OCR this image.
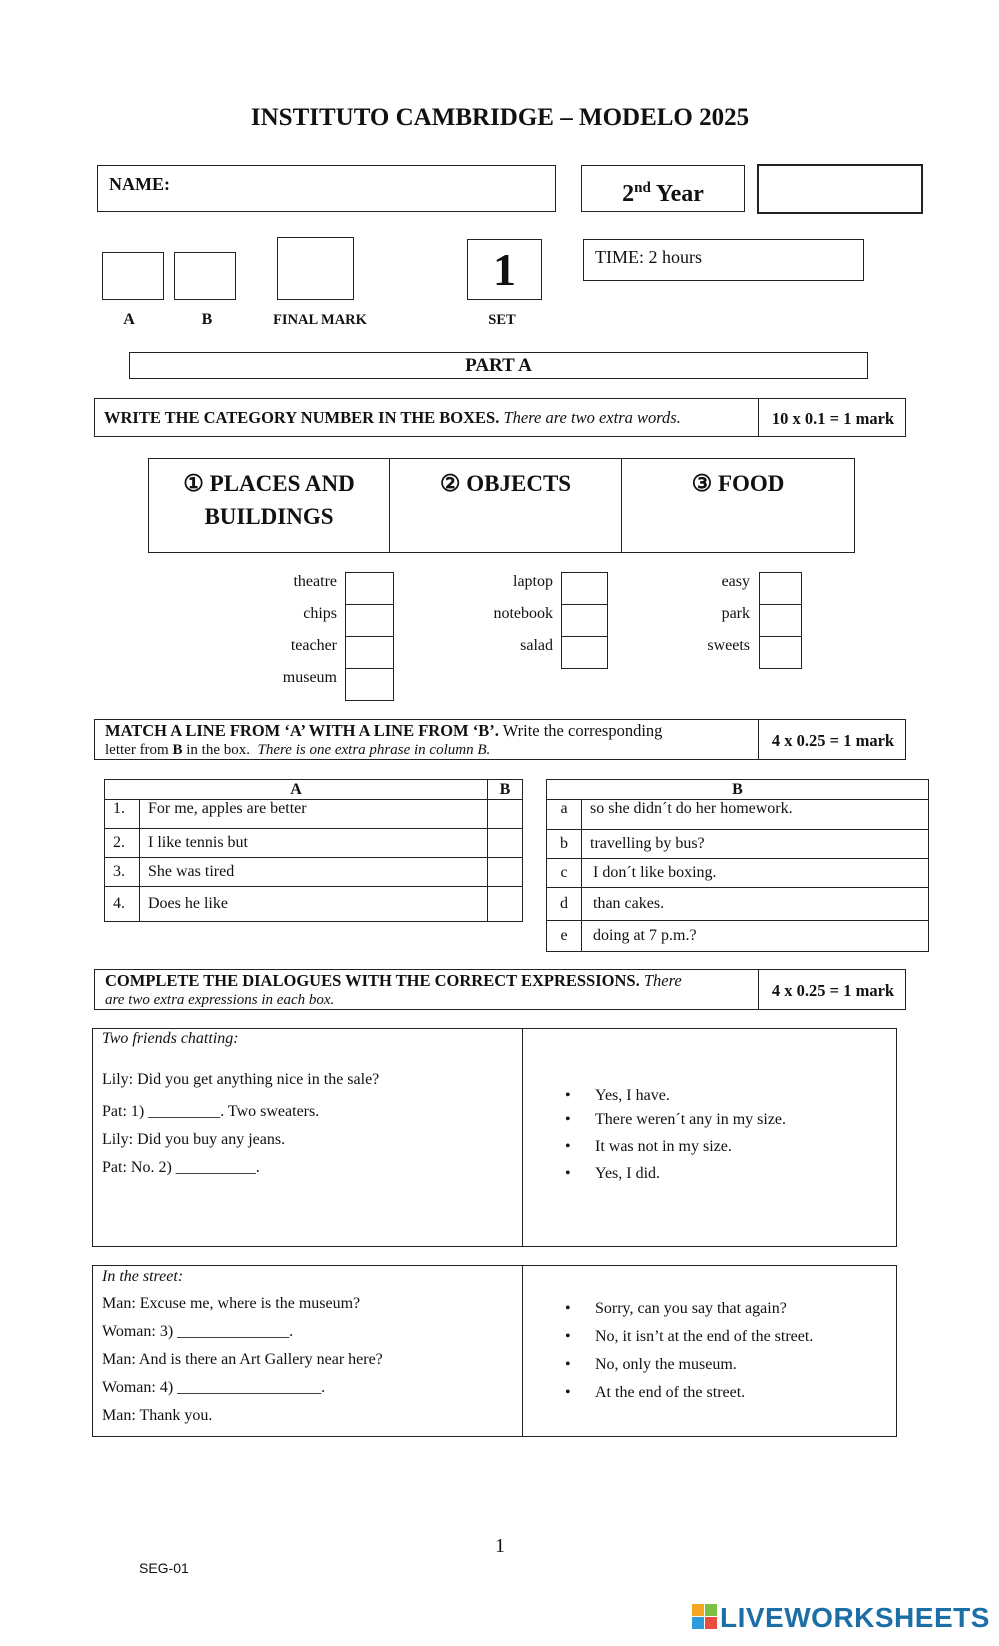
INSTITUTO CAMBRIDGE – MODELO 2025
NAME:	2nd Year
1	TIME: 2 hours
A	B	FINAL MARK	SET
PART A
WRITE THE CATEGORY NUMBER IN THE BOXES. There are two extra words.	10 x 0.1 = 1 mark
① PLACES AND BUILDINGS
② OBJECTS	③ FOOD
theatre
chips
teacher
museum
laptop
notebook
salad
easy
park
sweets
MATCH A LINE FROM ‘A’ WITH A LINE FROM ‘B’. Write the corresponding
letter from B in the box. There is one extra phrase in column B.	4 x 0.25 = 1 mark
A		B
1.	For me, apples are better	
2.	I like tennis but	
3.	She was tired	
4.	Does he like	
B	
a	so she didn´t do her homework.
b	travelling by bus?
c	I don´t like boxing.
d	than cakes.
e	doing at 7 p.m.?
COMPLETE THE DIALOGUES WITH THE CORRECT EXPRESSIONS. There
are two extra expressions in each box.	4 x 0.25 = 1 mark

Two friends chatting:

Lily: Did you get anything nice in the sale?

Pat: 1) _________. Two sweaters.

Lily: Did you buy any jeans.

Pat: No. 2) __________.

• Yes, I have.
• There weren´t any in my size.
• It was not in my size.
• Yes, I did.

In the street:

Man: Excuse me, where is the museum?

Woman: 3) ______________.

Man: And is there an Art Gallery near here?

Woman: 4) __________________.

Man: Thank you.

• Sorry, can you say that again?
• No, it isn’t at the end of the street.
• No, only the museum.
• At the end of the street.
1
SEG-01
LIVEWORKSHEETS
